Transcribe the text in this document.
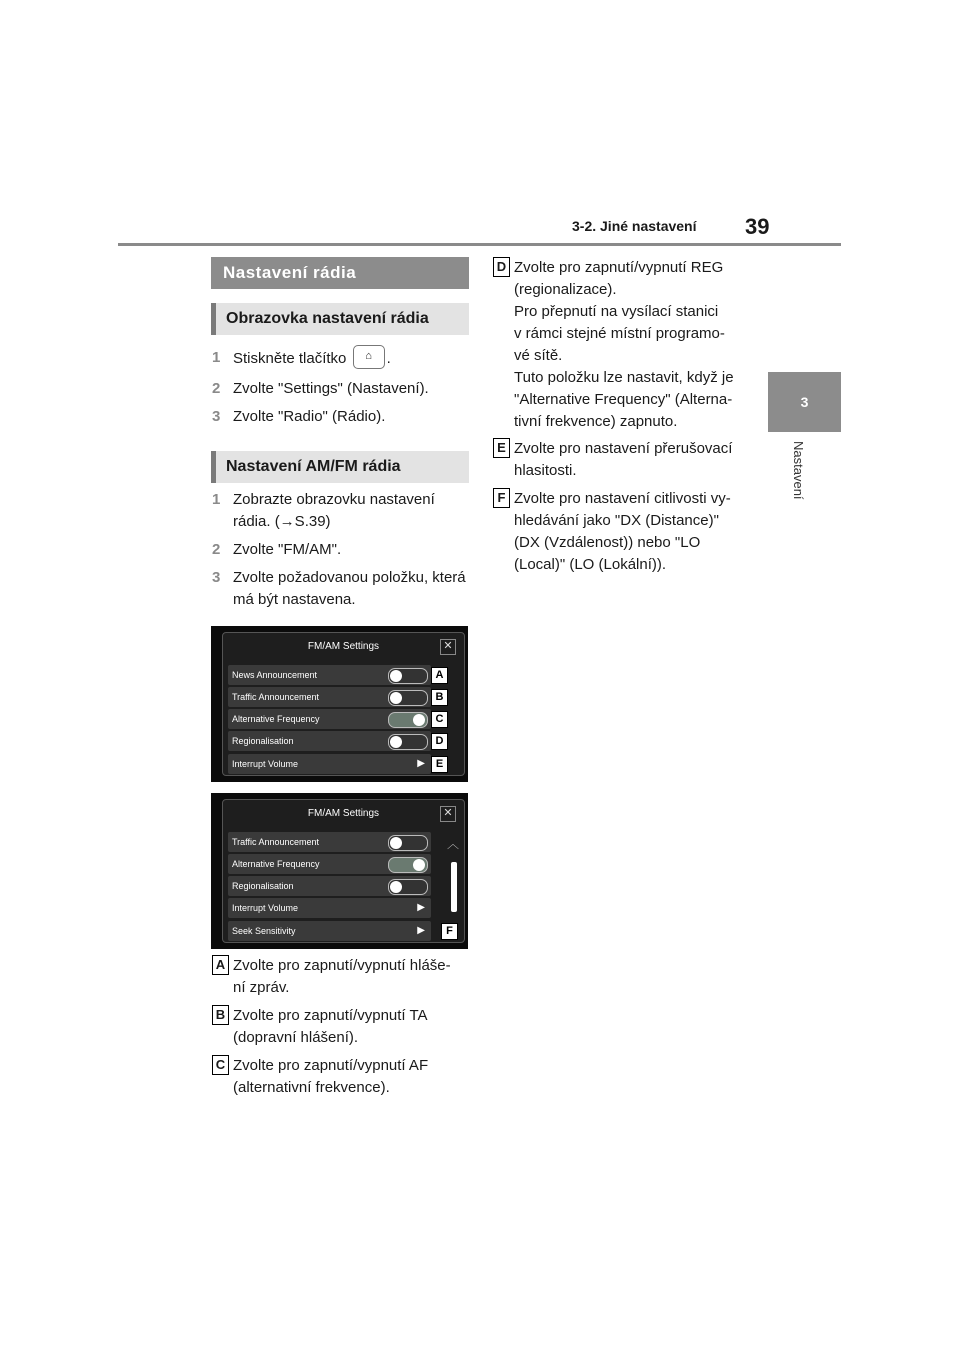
3-2. Jiné nastavení 39
3
Nastavení
Nastavení rádia
Obrazovka nastavení rádia
1 Stiskněte tlačítko ⌂ .
2 Zvolte "Settings" (Nastavení).
3 Zvolte "Radio" (Rádio).
Nastavení AM/FM rádia
1 Zobrazte obrazovku nastavení rádia. (→S.39)
2 Zvolte "FM/AM".
3 Zvolte požadovanou položku, která má být nastavena.
FM/AM Settings	✕
News Announcement
Traffic Announcement
Alternative Frequency
Regionalisation
Interrupt Volume	▶
A
B
C
D
E
FM/AM Settings	✕
Traffic Announcement
Alternative Frequency
Regionalisation
Interrupt Volume	▶
Seek Sensitivity	▶
︿
F
A Zvolte pro zapnutí/vypnutí hláše-
ní zpráv.
B Zvolte pro zapnutí/vypnutí TA
(dopravní hlášení).
C Zvolte pro zapnutí/vypnutí AF
(alternativní frekvence).
D Zvolte pro zapnutí/vypnutí REG
(regionalizace).
Pro přepnutí na vysílací stanici
v rámci stejné místní programo-
vé sítě.
Tuto položku lze nastavit, když je
"Alternative Frequency" (Alterna-
tivní frekvence) zapnuto.
E Zvolte pro nastavení přerušovací
hlasitosti.
F Zvolte pro nastavení citlivosti vy-
hledávání jako "DX (Distance)"
(DX (Vzdálenost)) nebo "LO
(Local)" (LO (Lokální)).
